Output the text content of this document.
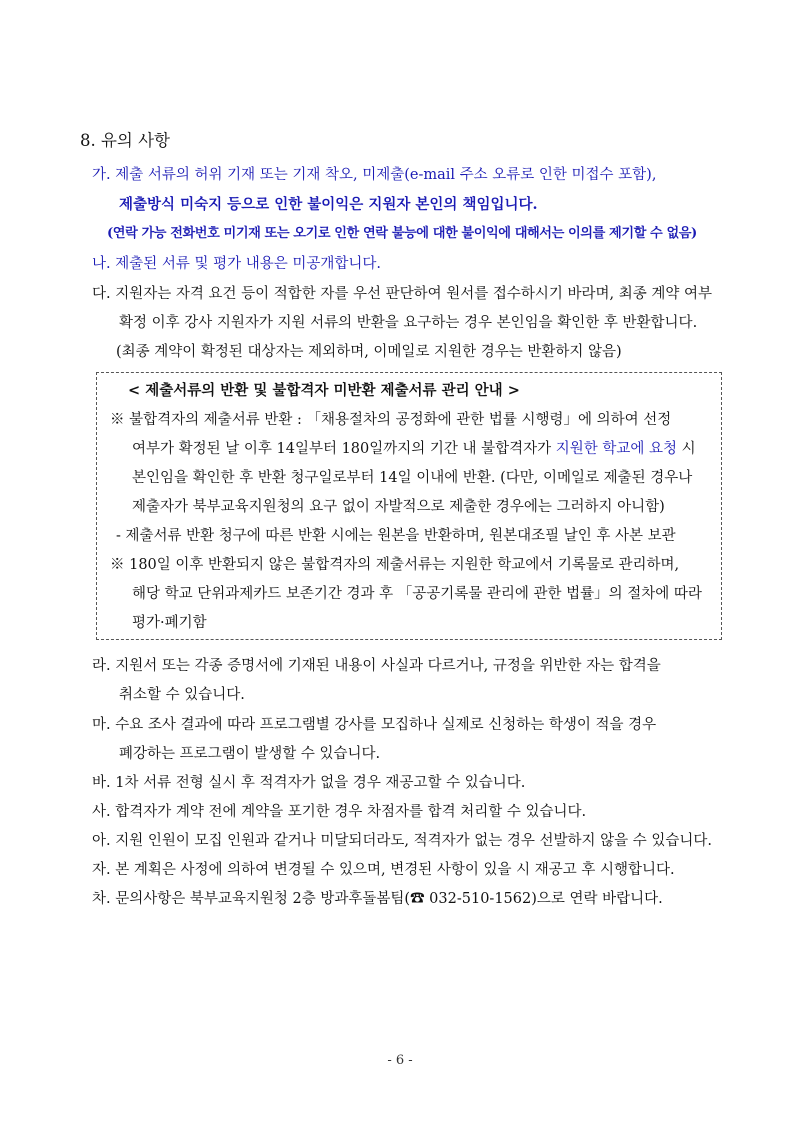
8. 유의 사항
가. 제출 서류의 허위 기재 또는 기재 착오, 미제출(e-mail 주소 오류로 인한 미접수 포함),
제출방식 미숙지 등으로 인한 불이익은 지원자 본인의 책임입니다.
(연락 가능 전화번호 미기재 또는 오기로 인한 연락 불능에 대한 불이익에 대해서는 이의를 제기할 수 없음)
나. 제출된 서류 및 평가 내용은 미공개합니다.
다. 지원자는 자격 요건 등이 적합한 자를 우선 판단하여 원서를 접수하시기 바라며, 최종 계약 여부
확정 이후 강사 지원자가 지원 서류의 반환을 요구하는 경우 본인임을 확인한 후 반환합니다.
(최종 계약이 확정된 대상자는 제외하며, 이메일로 지원한 경우는 반환하지 않음)
< 제출서류의 반환 및 불합격자 미반환 제출서류 관리 안내 >
※ 불합격자의 제출서류 반환 : 「채용절차의 공정화에 관한 법률 시행령」에 의하여 선정
여부가 확정된 날 이후 14일부터 180일까지의 기간 내 불합격자가 지원한 학교에 요청 시
본인임을 확인한 후 반환 청구일로부터 14일 이내에 반환. (다만, 이메일로 제출된 경우나
제출자가 북부교육지원청의 요구 없이 자발적으로 제출한 경우에는 그러하지 아니함)
- 제출서류 반환 청구에 따른 반환 시에는 원본을 반환하며, 원본대조필 날인 후 사본 보관
※ 180일 이후 반환되지 않은 불합격자의 제출서류는 지원한 학교에서 기록물로 관리하며,
해당 학교 단위과제카드 보존기간 경과 후 「공공기록물 관리에 관한 법률」의 절차에 따라
평가·폐기함
라. 지원서 또는 각종 증명서에 기재된 내용이 사실과 다르거나, 규정을 위반한 자는 합격을
취소할 수 있습니다.
마. 수요 조사 결과에 따라 프로그램별 강사를 모집하나 실제로 신청하는 학생이 적을 경우
폐강하는 프로그램이 발생할 수 있습니다.
바. 1차 서류 전형 실시 후 적격자가 없을 경우 재공고할 수 있습니다.
사. 합격자가 계약 전에 계약을 포기한 경우 차점자를 합격 처리할 수 있습니다.
아. 지원 인원이 모집 인원과 같거나 미달되더라도, 적격자가 없는 경우 선발하지 않을 수 있습니다.
자. 본 계획은 사정에 의하여 변경될 수 있으며, 변경된 사항이 있을 시 재공고 후 시행합니다.
차. 문의사항은 북부교육지원청 2층 방과후돌봄팀(☎ 032-510-1562)으로 연락 바랍니다.
- 6 -
